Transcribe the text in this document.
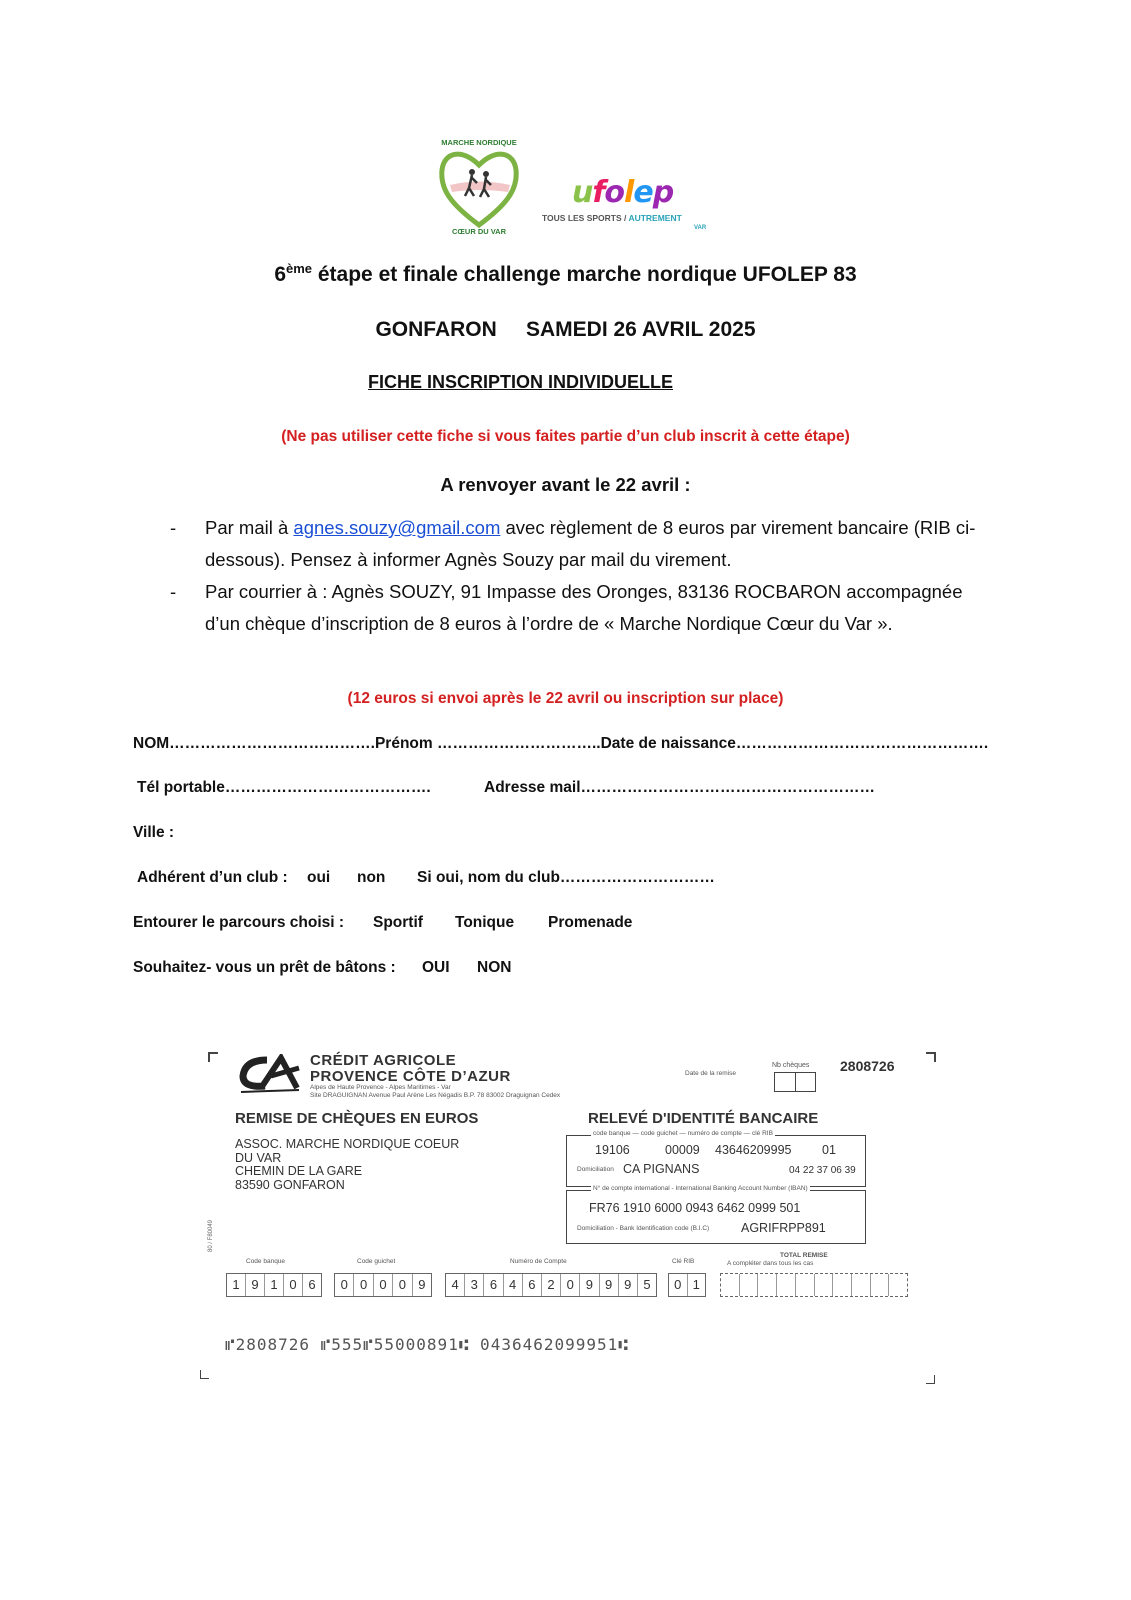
MARCHE NORDIQUE
CŒUR DU VAR
ufolep
TOUS LES SPORTS / AUTREMENT
VAR
6ème étape et finale challenge marche nordique UFOLEP 83
GONFARON SAMEDI 26 AVRIL 2025
FICHE INSCRIPTION INDIVIDUELLE
(Ne pas utiliser cette fiche si vous faites partie d’un club inscrit à cette étape)
A renvoyer avant le 22 avril :
- Par mail à agnes.souzy@gmail.com avec règlement de 8 euros par virement bancaire (RIB ci-dessous). Pensez à informer Agnès Souzy par mail du virement.
- Par courrier à : Agnès SOUZY, 91 Impasse des Oronges, 83136 ROCBARON accompagnée d’un chèque d’inscription de 8 euros à l’ordre de « Marche Nordique Cœur du Var ».
(12 euros si envoi après le 22 avril ou inscription sur place)
NOM………………………………….Prénom …………………………..Date de naissance………………………………………….
Tél portable………………………………….	Adresse mail…………………………………………………
Ville :
Adhérent d’un club : oui non Si oui, nom du club…………………………
Entourer le parcours choisi : Sportif Tonique Promenade
Souhaitez- vous un prêt de bâtons : OUI NON
CRÉDIT AGRICOLE
PROVENCE CÔTE D’AZUR
Alpes de Haute Provence - Alpes Maritimes - Var
Site DRAGUIGNAN Avenue Paul Arène Les Négadis B.P. 78 83002 Draguignan Cedex
Date de la remise
Nb chèques 2808726
REMISE DE CHÈQUES EN EUROS	RELEVÉ D'IDENTITÉ BANCAIRE
ASSOC. MARCHE NORDIQUE COEUR
DU VAR
CHEMIN DE LA GARE
83590 GONFARON
code banque — code guichet — numéro de compte — clé RIB
19106	00009 43646209995 01
Domiciliation CA PIGNANS	04 22 37 06 39
N° de compte international - International Banking Account Number (IBAN)
FR76 1910 6000 0943 6462 0999 501
Domiciliation - Bank Identification code (B.I.C)	AGRIFRPP891
80 / F80049
Code banque	Code guichet	Numéro de Compte	Clé RIB
TOTAL REMISE
A compléter dans tous les cas
1 9 1 0 6	0 0 0 0 9	4 3 6 4 6 2 0 9 9 9 5	0 1
⑈2808726 ⑈555⑈55000891⑆ 0436462099951⑆
